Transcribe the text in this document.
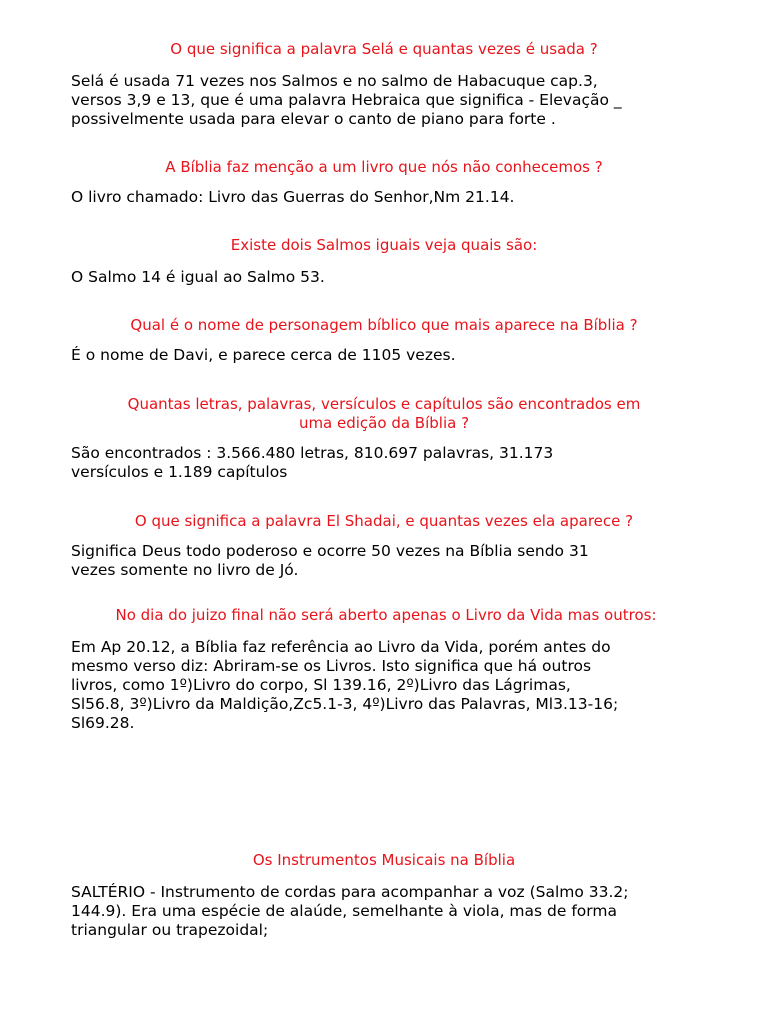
O que significa a palavra Selá e quantas vezes é usada ?

Selá é usada 71 vezes nos Salmos e no salmo de Habacuque cap.3,
versos 3,9 e 13, que é uma palavra Hebraica que significa - Elevação _
possivelmente usada para elevar o canto de piano para forte .

A Bíblia faz menção a um livro que nós não conhecemos ?

O livro chamado: Livro das Guerras do Senhor,Nm 21.14.

Existe dois Salmos iguais veja quais são:

O Salmo 14 é igual ao Salmo 53.

Qual é o nome de personagem bíblico que mais aparece na Bíblia ?

É o nome de Davi, e parece cerca de 1105 vezes.

Quantas letras, palavras, versículos e capítulos são encontrados em
uma edição da Bíblia ?

São encontrados : 3.566.480 letras, 810.697 palavras, 31.173
versículos e 1.189 capítulos

O que significa a palavra El Shadai, e quantas vezes ela aparece ?

Significa Deus todo poderoso e ocorre 50 vezes na Bíblia sendo 31
vezes somente no livro de Jó.

No dia do juizo final não será aberto apenas o Livro da Vida mas outros:

Em Ap 20.12, a Bíblia faz referência ao Livro da Vida, porém antes do
mesmo verso diz: Abriram-se os Livros. Isto significa que há outros
livros, como 1º)Livro do corpo, Sl 139.16, 2º)Livro das Lágrimas,
Sl56.8, 3º)Livro da Maldição,Zc5.1-3, 4º)Livro das Palavras, Ml3.13-16;
Sl69.28.

Os Instrumentos Musicais na Bíblia

SALTÉRIO - Instrumento de cordas para acompanhar a voz (Salmo 33.2;
144.9). Era uma espécie de alaúde, semelhante à viola, mas de forma
triangular ou trapezoidal;
